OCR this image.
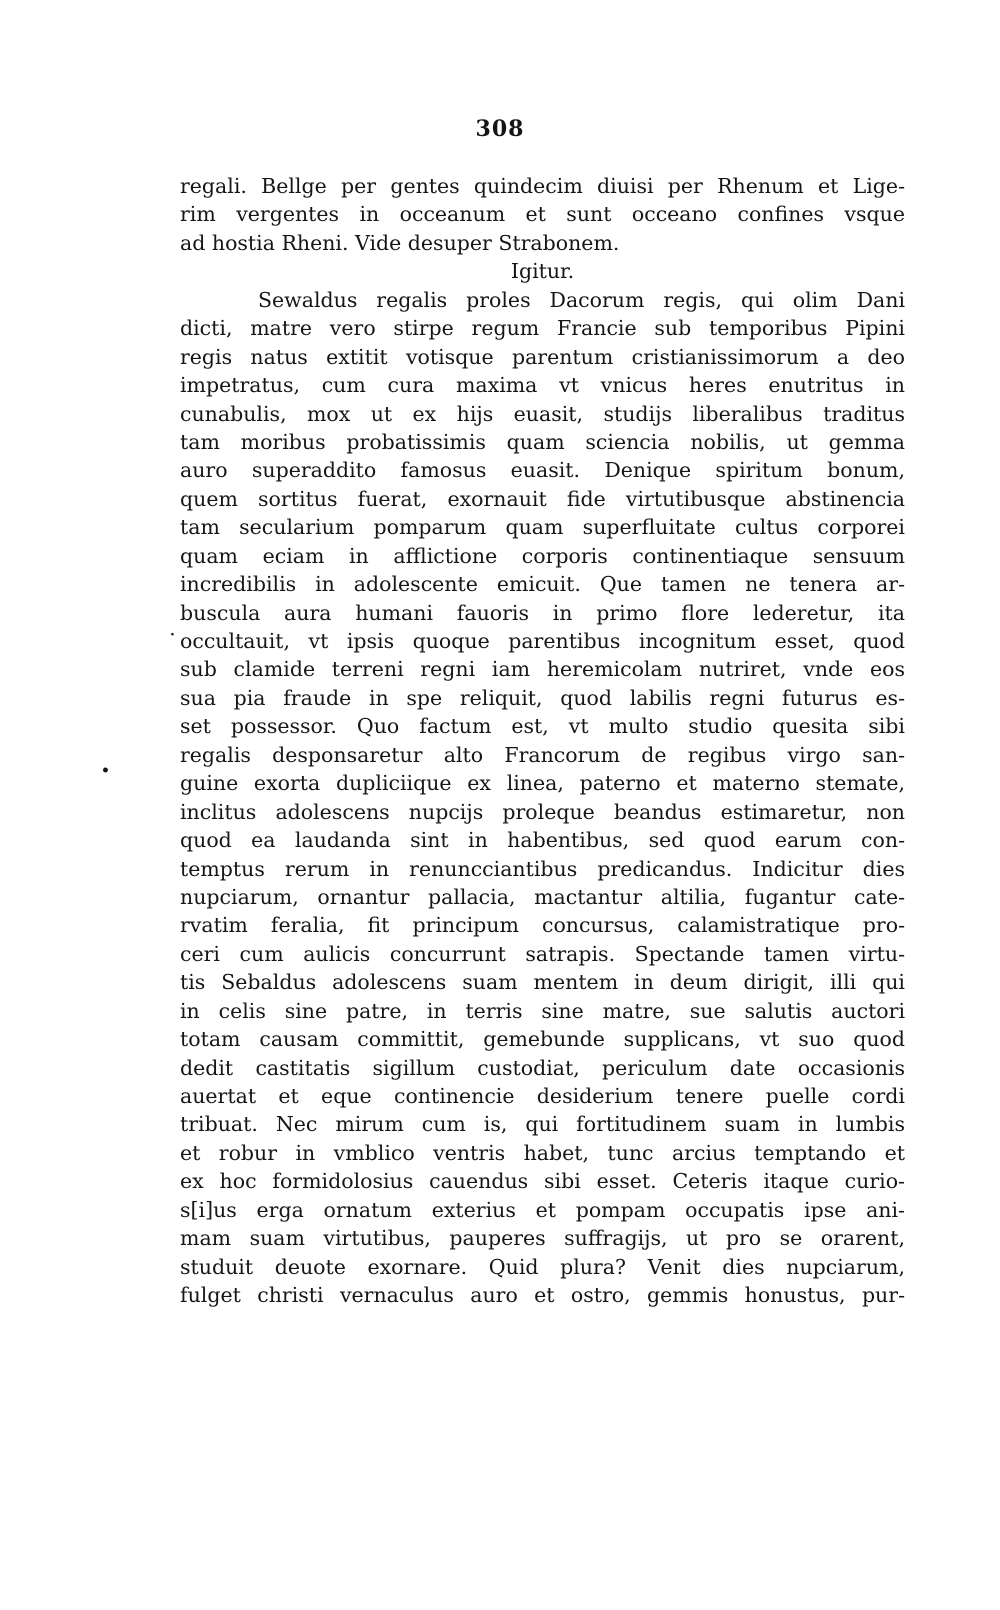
308
regali. Bellge per gentes quindecim diuisi per Rhenum et Lige-
rim vergentes in occeanum et sunt occeano confines vsque
ad hostia Rheni. Vide desuper Strabonem.
Igitur.
Sewaldus regalis proles Dacorum regis, qui olim Dani
dicti, matre vero stirpe regum Francie sub temporibus Pipini
regis natus extitit votisque parentum cristianissimorum a deo
impetratus, cum cura maxima vt vnicus heres enutritus in
cunabulis, mox ut ex hijs euasit, studijs liberalibus traditus
tam moribus probatissimis quam sciencia nobilis, ut gemma
auro superaddito famosus euasit. Denique spiritum bonum,
quem sortitus fuerat, exornauit fide virtutibusque abstinencia
tam secularium pomparum quam superfluitate cultus corporei
quam eciam in afflictione corporis continentiaque sensuum
incredibilis in adolescente emicuit. Que tamen ne tenera ar-
buscula aura humani fauoris in primo flore lederetur, ita
occultauit, vt ipsis quoque parentibus incognitum esset, quod
sub clamide terreni regni iam heremicolam nutriret, vnde eos
sua pia fraude in spe reliquit, quod labilis regni futurus es-
set possessor. Quo factum est, vt multo studio quesita sibi
regalis desponsaretur alto Francorum de regibus virgo san-
guine exorta dupliciique ex linea, paterno et materno stemate,
inclitus adolescens nupcijs proleque beandus estimaretur, non
quod ea laudanda sint in habentibus, sed quod earum con-
temptus rerum in renuncciantibus predicandus. Indicitur dies
nupciarum, ornantur pallacia, mactantur altilia, fugantur cate-
rvatim feralia, fit principum concursus, calamistratique pro-
ceri cum aulicis concurrunt satrapis. Spectande tamen virtu-
tis Sebaldus adolescens suam mentem in deum dirigit, illi qui
in celis sine patre, in terris sine matre, sue salutis auctori
totam causam committit, gemebunde supplicans, vt suo quod
dedit castitatis sigillum custodiat, periculum date occasionis
auertat et eque continencie desiderium tenere puelle cordi
tribuat. Nec mirum cum is, qui fortitudinem suam in lumbis
et robur in vmblico ventris habet, tunc arcius temptando et
ex hoc formidolosius cauendus sibi esset. Ceteris itaque curio-
s[i]us erga ornatum exterius et pompam occupatis ipse ani-
mam suam virtutibus, pauperes suffragijs, ut pro se orarent,
studuit deuote exornare. Quid plura? Venit dies nupciarum,
fulget christi vernaculus auro et ostro, gemmis honustus, pur-
·
•
